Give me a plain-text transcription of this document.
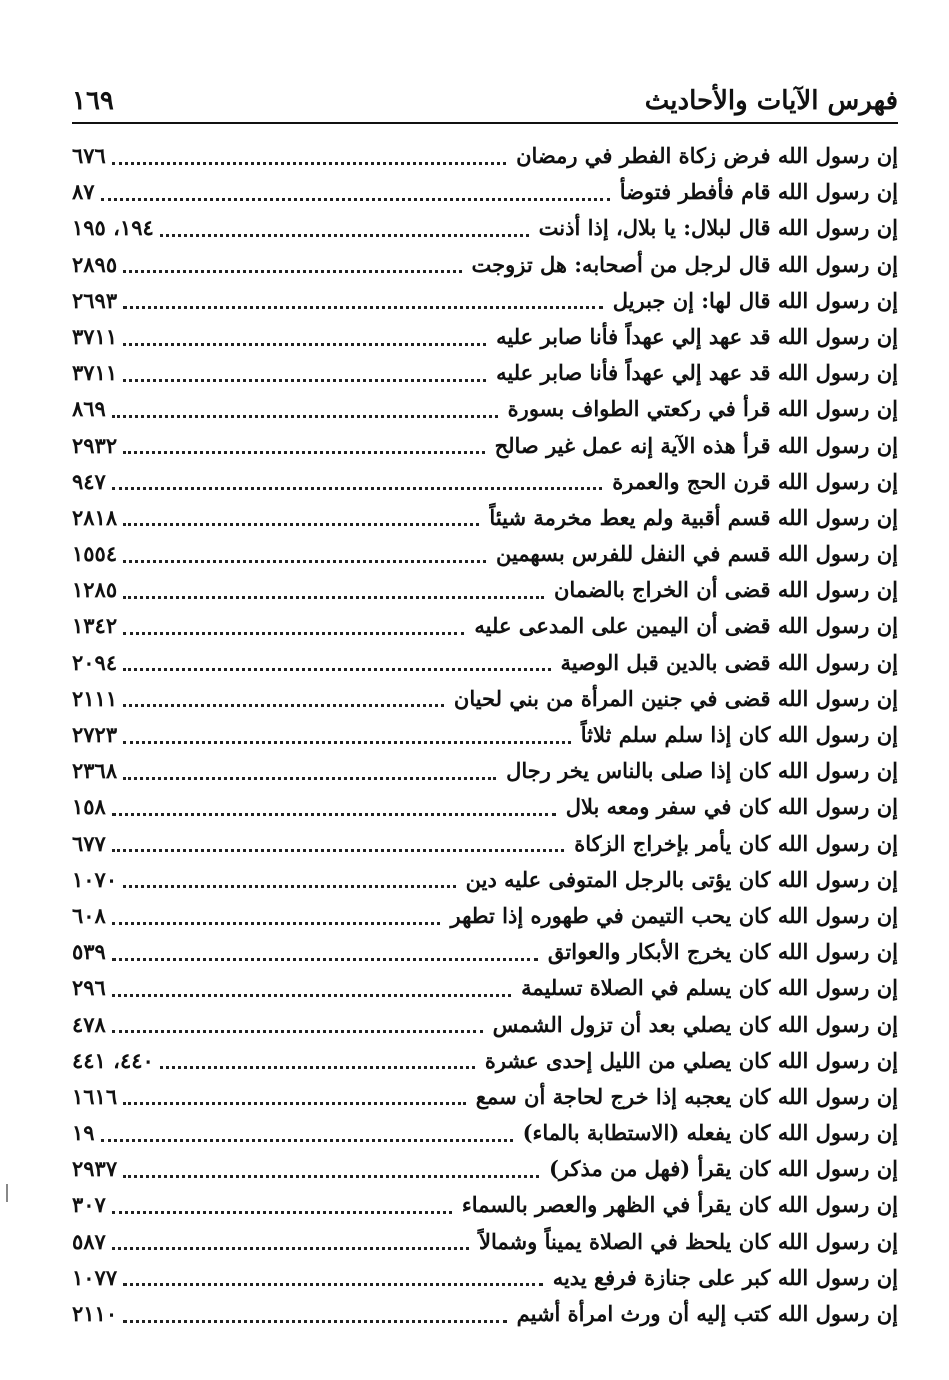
فهرس الآيات والأحاديث
١٦٩
إن رسول الله فرض زكاة الفطر في رمضان
٦٧٦
إن رسول الله قام فأفطر فتوضأ
٨٧
إن رسول الله قال لبلال: يا بلال، إذا أذنت
١٩٤، ١٩٥
إن رسول الله قال لرجل من أصحابه: هل تزوجت
٢٨٩٥
إن رسول الله قال لها: إن جبريل
٢٦٩٣
إن رسول الله قد عهد إلي عهداً فأنا صابر عليه
٣٧١١
إن رسول الله قد عهد إلي عهداً فأنا صابر عليه
٣٧١١
إن رسول الله قرأ في ركعتي الطواف بسورة
٨٦٩
إن رسول الله قرأ هذه الآية إنه عمل غير صالح
٢٩٣٢
إن رسول الله قرن الحج والعمرة
٩٤٧
إن رسول الله قسم أقبية ولم يعط مخرمة شيئاً
٢٨١٨
إن رسول الله قسم في النفل للفرس بسهمين
١٥٥٤
إن رسول الله قضى أن الخراج بالضمان
١٢٨٥
إن رسول الله قضى أن اليمين على المدعى عليه
١٣٤٢
إن رسول الله قضى بالدين قبل الوصية
٢٠٩٤
إن رسول الله قضى في جنين المرأة من بني لحيان
٢١١١
إن رسول الله كان إذا سلم سلم ثلاثاً
٢٧٢٣
إن رسول الله كان إذا صلى بالناس يخر رجال
٢٣٦٨
إن رسول الله كان في سفر ومعه بلال
١٥٨
إن رسول الله كان يأمر بإخراج الزكاة
٦٧٧
إن رسول الله كان يؤتى بالرجل المتوفى عليه دين
١٠٧٠
إن رسول الله كان يحب التيمن في طهوره إذا تطهر
٦٠٨
إن رسول الله كان يخرج الأبكار والعواتق
٥٣٩
إن رسول الله كان يسلم في الصلاة تسليمة
٢٩٦
إن رسول الله كان يصلي بعد أن تزول الشمس
٤٧٨
إن رسول الله كان يصلي من الليل إحدى عشرة
٤٤٠، ٤٤١
إن رسول الله كان يعجبه إذا خرج لحاجة أن سمع
١٦١٦
إن رسول الله كان يفعله (الاستطابة بالماء)
١٩
إن رسول الله كان يقرأ (فهل من مذكر)
٢٩٣٧
إن رسول الله كان يقرأ في الظهر والعصر بالسماء
٣٠٧
إن رسول الله كان يلحظ في الصلاة يميناً وشمالاً
٥٨٧
إن رسول الله كبر على جنازة فرفع يديه
١٠٧٧
إن رسول الله كتب إليه أن ورث امرأة أشيم
٢١١٠
